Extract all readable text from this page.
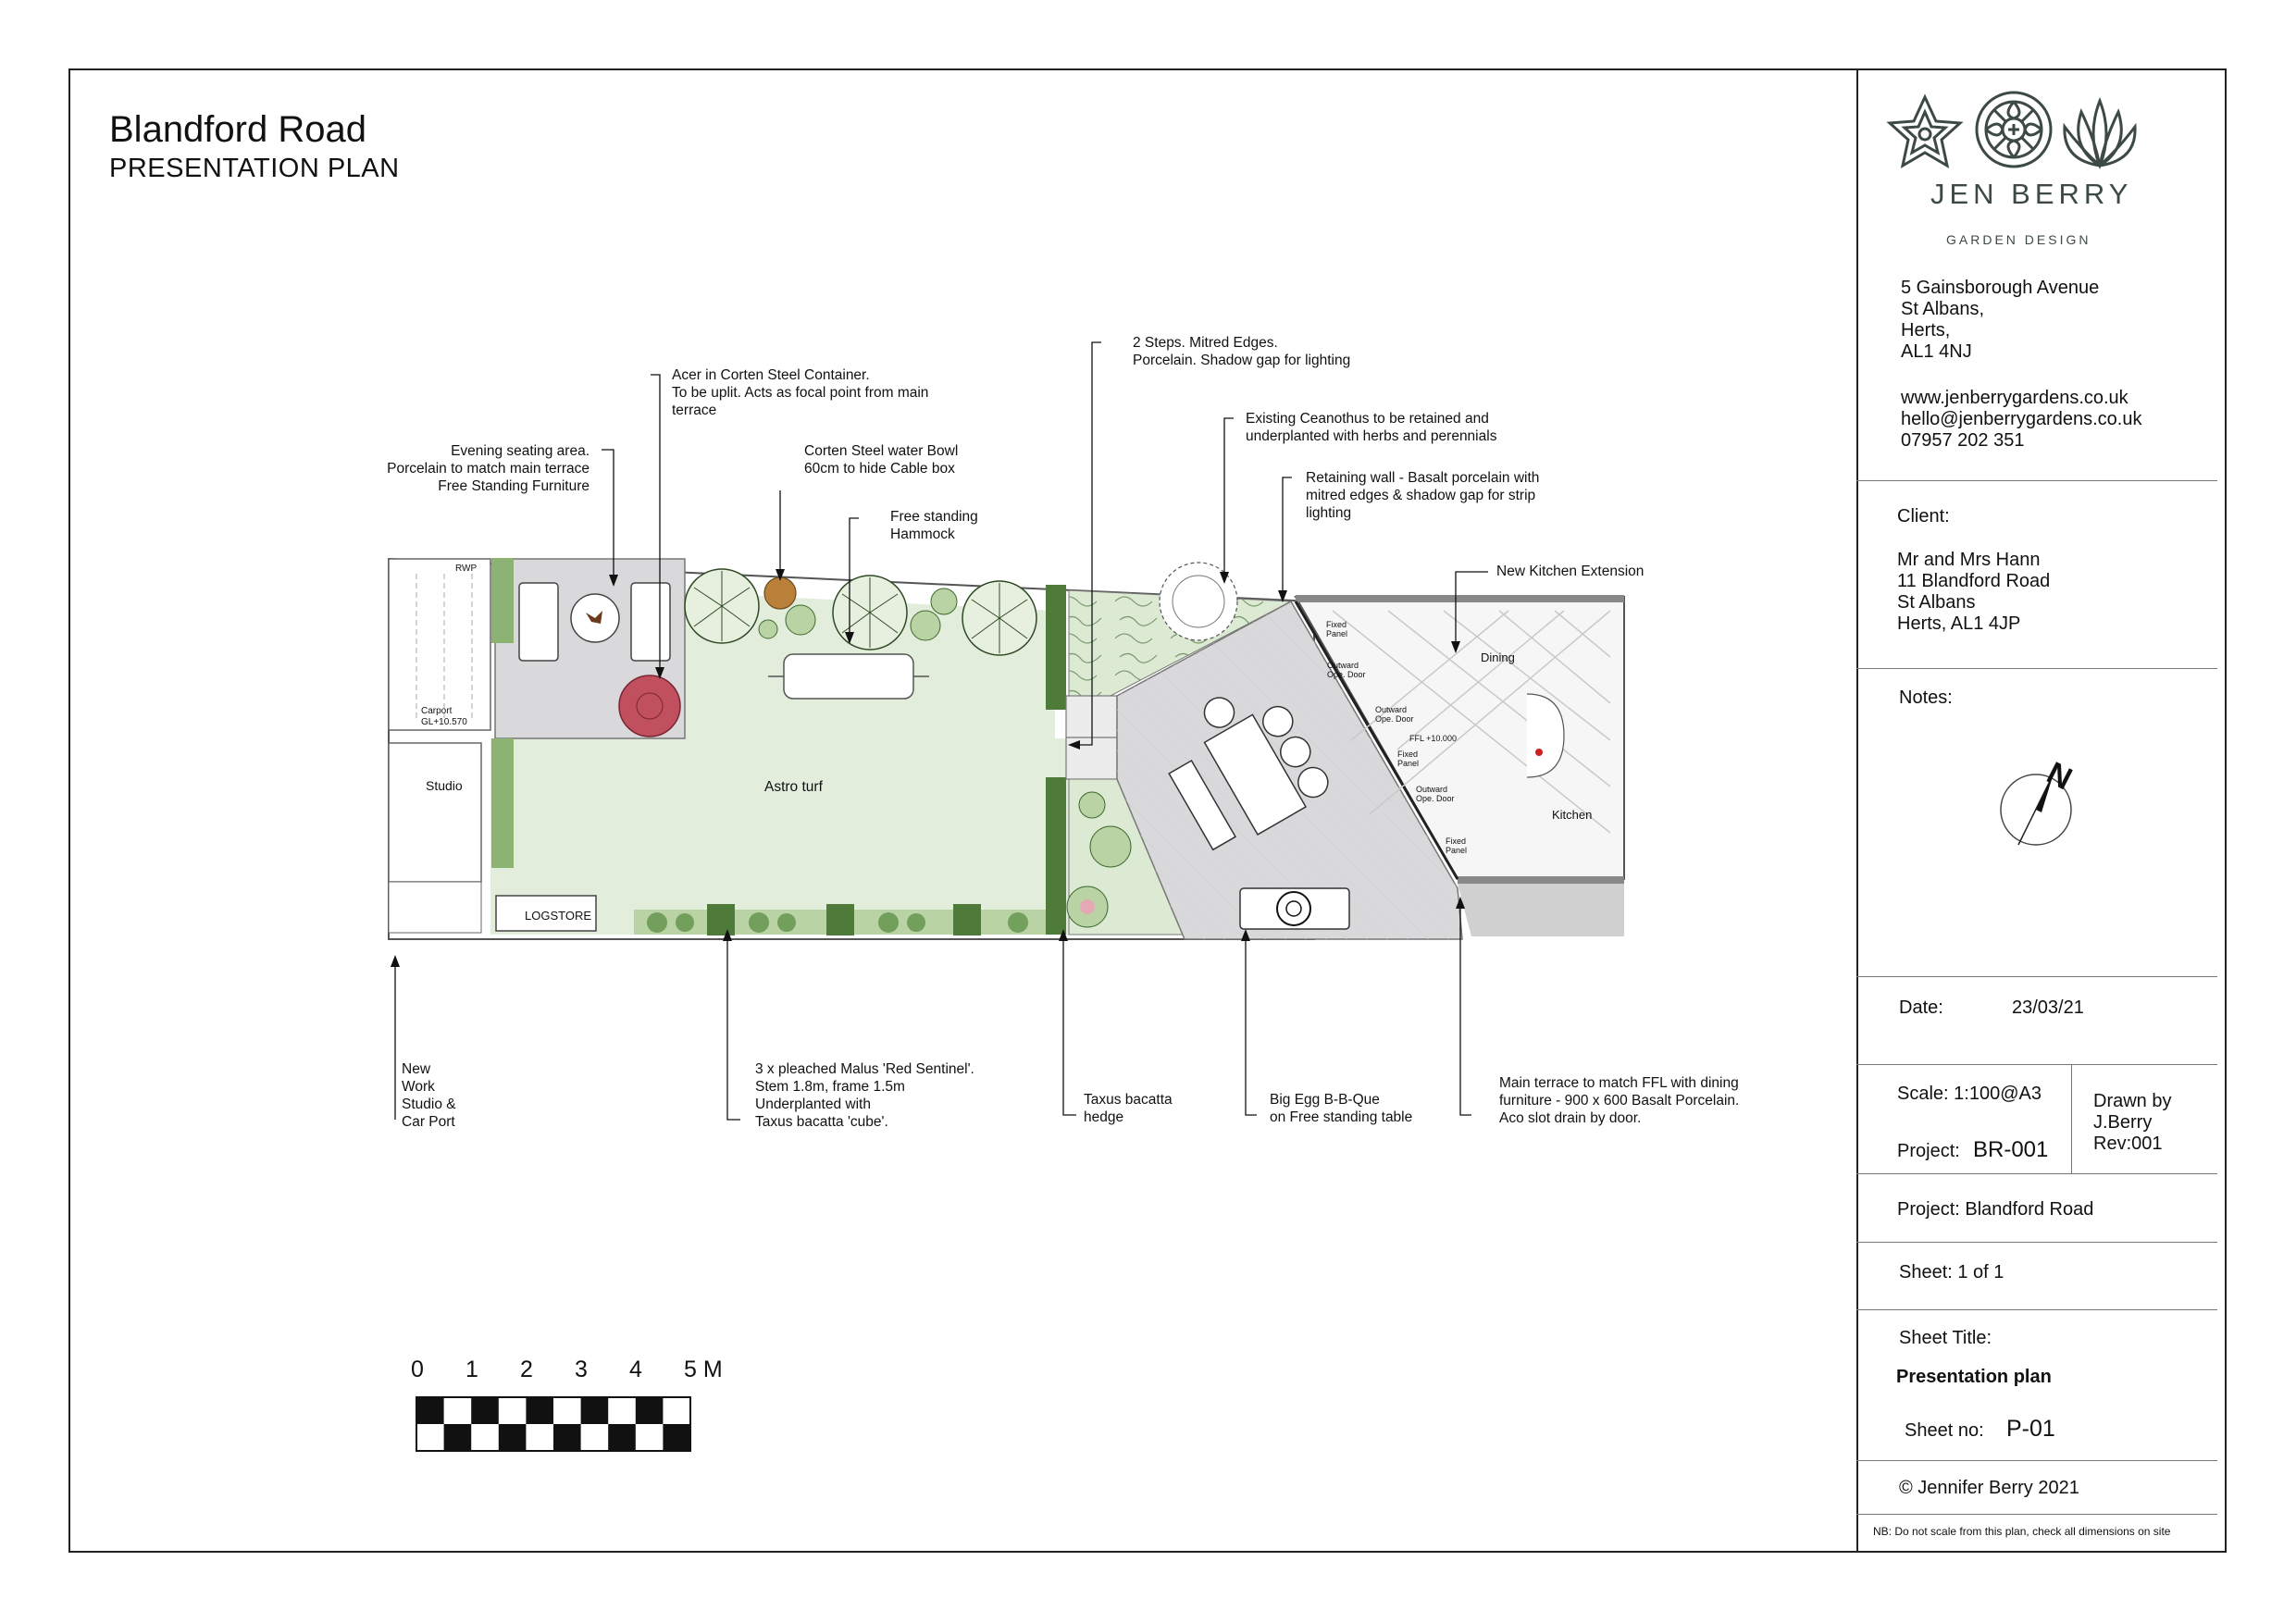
Blandford Road
PRESENTATION PLAN
JEN BERRY
GARDEN DESIGN
5 Gainsborough Avenue
St Albans,
Herts,
AL1 4NJ
www.jenberrygardens.co.uk
hello@jenberrygardens.co.uk
07957 202 351
Client:
Mr and Mrs Hann
11 Blandford Road
St Albans
Herts, AL1 4JP
Notes:
N
Date:	23/03/21
Scale: 1:100@A3
Project: BR-001
Drawn by
J.Berry
Rev:001
Project: Blandford Road
Sheet: 1 of 1
Sheet Title:
Presentation plan
Sheet no: P-01
© Jennifer Berry 2021
NB: Do not scale from this plan, check all dimensions on site
Astro turf
Studio
Carport
GL+10.570
RWP
LOGSTORE
Dining
Kitchen
Fixed
Panel
Outward
Ope. Door
Outward
Ope. Door
FFL +10.000
Fixed
Panel
Outward
Ope. Door
Fixed
Panel
Evening seating area.
Porcelain to match main terrace
Free Standing Furniture
Acer in Corten Steel Container.
To be uplit. Acts as focal point from main
terrace
Corten Steel water Bowl
60cm to hide Cable box
Free standing
Hammock
2 Steps. Mitred Edges.
Porcelain. Shadow gap for lighting
Existing Ceanothus to be retained and
underplanted with herbs and perennials
Retaining wall - Basalt porcelain with
mitred edges & shadow gap for strip
lighting
New Kitchen Extension
New
Work
Studio &
Car Port
3 x pleached Malus 'Red Sentinel'.
Stem 1.8m, frame 1.5m
Underplanted with
Taxus bacatta 'cube'.
Taxus bacatta
hedge
Big Egg B-B-Que
on Free standing table
Main terrace to match FFL with dining
furniture - 900 x 600 Basalt Porcelain.
Aco slot drain by door.
0 1 2 3 4 5 M
